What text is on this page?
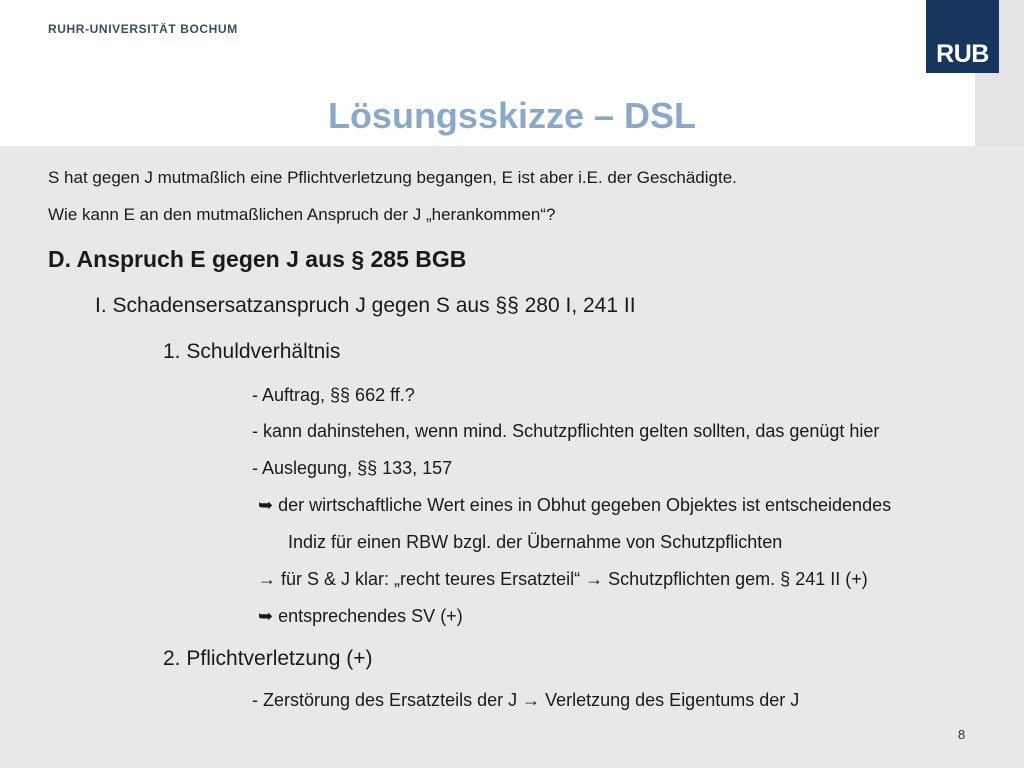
RUHR-UNIVERSITÄT BOCHUM
RUB
Lösungsskizze – DSL
S hat gegen J mutmaßlich eine Pflichtverletzung begangen, E ist aber i.E. der Geschädigte.
Wie kann E an den mutmaßlichen Anspruch der J „herankommen“?
D. Anspruch E gegen J aus § 285 BGB
I. Schadensersatzanspruch J gegen S aus §§ 280 I, 241 II
1. Schuldverhältnis
- Auftrag, §§ 662 ff.?
- kann dahinstehen, wenn mind. Schutzpflichten gelten sollten, das genügt hier
- Auslegung, §§ 133, 157
➥ der wirtschaftliche Wert eines in Obhut gegeben Objektes ist entscheidendes
Indiz für einen RBW bzgl. der Übernahme von Schutzpflichten
→ für S & J klar: „recht teures Ersatzteil“ → Schutzpflichten gem. § 241 II (+)
➥ entsprechendes SV (+)
2. Pflichtverletzung (+)
- Zerstörung des Ersatzteils der J → Verletzung des Eigentums der J
8
